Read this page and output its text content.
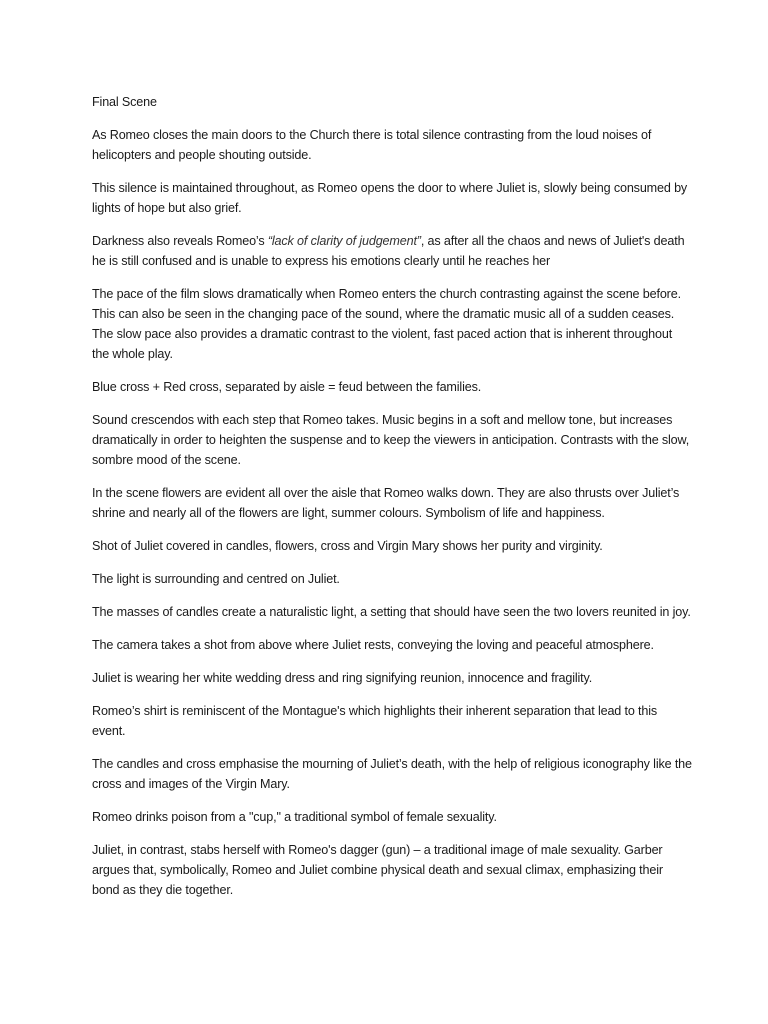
Final Scene

As Romeo closes the main doors to the Church there is total silence contrasting from the loud noises of helicopters and people shouting outside.

This silence is maintained throughout, as Romeo opens the door to where Juliet is, slowly being consumed by lights of hope but also grief.

Darkness also reveals Romeo’s “lack of clarity of judgement”, as after all the chaos and news of Juliet's death he is still confused and is unable to express his emotions clearly until he reaches her

The pace of the film slows dramatically when Romeo enters the church contrasting against the scene before. This can also be seen in the changing pace of the sound, where the dramatic music all of a sudden ceases. The slow pace also provides a dramatic contrast to the violent, fast paced action that is inherent throughout the whole play.

Blue cross + Red cross, separated by aisle = feud between the families.

Sound crescendos with each step that Romeo takes. Music begins in a soft and mellow tone, but increases dramatically in order to heighten the suspense and to keep the viewers in anticipation. Contrasts with the slow, sombre mood of the scene.

In the scene flowers are evident all over the aisle that Romeo walks down. They are also thrusts over Juliet’s shrine and nearly all of the flowers are light, summer colours. Symbolism of life and happiness.

Shot of Juliet covered in candles, flowers, cross and Virgin Mary shows her purity and virginity.

The light is surrounding and centred on Juliet.

The masses of candles create a naturalistic light, a setting that should have seen the two lovers reunited in joy.

The camera takes a shot from above where Juliet rests, conveying the loving and peaceful atmosphere.

Juliet is wearing her white wedding dress and ring signifying reunion, innocence and fragility.

Romeo’s shirt is reminiscent of the Montague's which highlights their inherent separation that lead to this event.

The candles and cross emphasise the mourning of Juliet’s death, with the help of religious iconography like the cross and images of the Virgin Mary.

Romeo drinks poison from a "cup," a traditional symbol of female sexuality.

Juliet, in contrast, stabs herself with Romeo's dagger (gun) – a traditional image of male sexuality. Garber argues that, symbolically, Romeo and Juliet combine physical death and sexual climax, emphasizing their bond as they die together.
